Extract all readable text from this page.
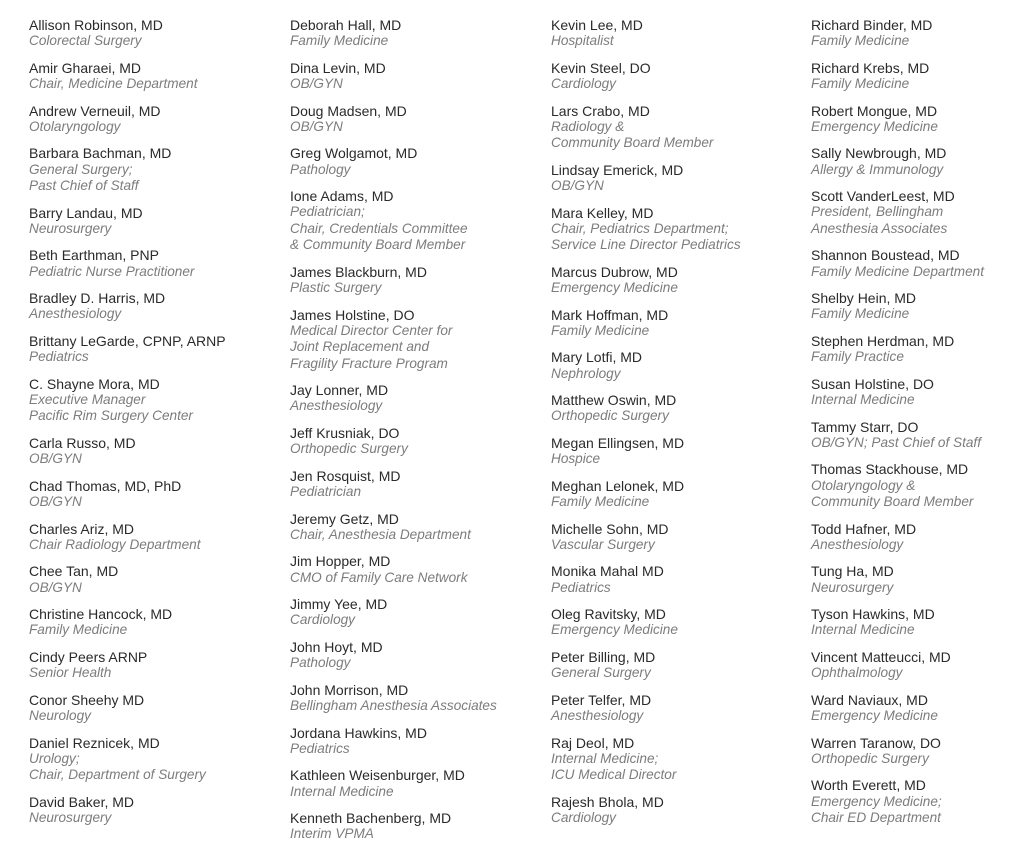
Allison Robinson, MD
Colorectal Surgery
Amir Gharaei, MD
Chair, Medicine Department
Andrew Verneuil, MD
Otolaryngology
Barbara Bachman, MD
General Surgery;
Past Chief of Staff
Barry Landau, MD
Neurosurgery
Beth Earthman, PNP
Pediatric Nurse Practitioner
Bradley D. Harris, MD
Anesthesiology
Brittany LeGarde, CPNP, ARNP
Pediatrics
C. Shayne Mora, MD
Executive Manager
Pacific Rim Surgery Center
Carla Russo, MD
OB/GYN
Chad Thomas, MD, PhD
OB/GYN
Charles Ariz, MD
Chair Radiology Department
Chee Tan, MD
OB/GYN
Christine Hancock, MD
Family Medicine
Cindy Peers ARNP
Senior Health
Conor Sheehy MD
Neurology
Daniel Reznicek, MD
Urology;
Chair, Department of Surgery
David Baker, MD
Neurosurgery
Deborah Hall, MD
Family Medicine
Dina Levin, MD
OB/GYN
Doug Madsen, MD
OB/GYN
Greg Wolgamot, MD
Pathology
Ione Adams, MD
Pediatrician;
Chair, Credentials Committee
& Community Board Member
James Blackburn, MD
Plastic Surgery
James Holstine, DO
Medical Director Center for
Joint Replacement and
Fragility Fracture Program
Jay Lonner, MD
Anesthesiology
Jeff Krusniak, DO
Orthopedic Surgery
Jen Rosquist, MD
Pediatrician
Jeremy Getz, MD
Chair, Anesthesia Department
Jim Hopper, MD
CMO of Family Care Network
Jimmy Yee, MD
Cardiology
John Hoyt, MD
Pathology
John Morrison, MD
Bellingham Anesthesia Associates
Jordana Hawkins, MD
Pediatrics
Kathleen Weisenburger, MD
Internal Medicine
Kenneth Bachenberg, MD
Interim VPMA
Kevin Lee, MD
Hospitalist
Kevin Steel, DO
Cardiology
Lars Crabo, MD
Radiology &
Community Board Member
Lindsay Emerick, MD
OB/GYN
Mara Kelley, MD
Chair, Pediatrics Department;
Service Line Director Pediatrics
Marcus Dubrow, MD
Emergency Medicine
Mark Hoffman, MD
Family Medicine
Mary Lotfi, MD
Nephrology
Matthew Oswin, MD
Orthopedic Surgery
Megan Ellingsen, MD
Hospice
Meghan Lelonek, MD
Family Medicine
Michelle Sohn, MD
Vascular Surgery
Monika Mahal MD
Pediatrics
Oleg Ravitsky, MD
Emergency Medicine
Peter Billing, MD
General Surgery
Peter Telfer, MD
Anesthesiology
Raj Deol, MD
Internal Medicine;
ICU Medical Director
Rajesh Bhola, MD
Cardiology
Richard Binder, MD
Family Medicine
Richard Krebs, MD
Family Medicine
Robert Mongue, MD
Emergency Medicine
Sally Newbrough, MD
Allergy & Immunology
Scott VanderLeest, MD
President, Bellingham
Anesthesia Associates
Shannon Boustead, MD
Family Medicine Department
Shelby Hein, MD
Family Medicine
Stephen Herdman, MD
Family Practice
Susan Holstine, DO
Internal Medicine
Tammy Starr, DO
OB/GYN; Past Chief of Staff
Thomas Stackhouse, MD
Otolaryngology &
Community Board Member
Todd Hafner, MD
Anesthesiology
Tung Ha, MD
Neurosurgery
Tyson Hawkins, MD
Internal Medicine
Vincent Matteucci, MD
Ophthalmology
Ward Naviaux, MD
Emergency Medicine
Warren Taranow, DO
Orthopedic Surgery
Worth Everett, MD
Emergency Medicine;
Chair ED Department
